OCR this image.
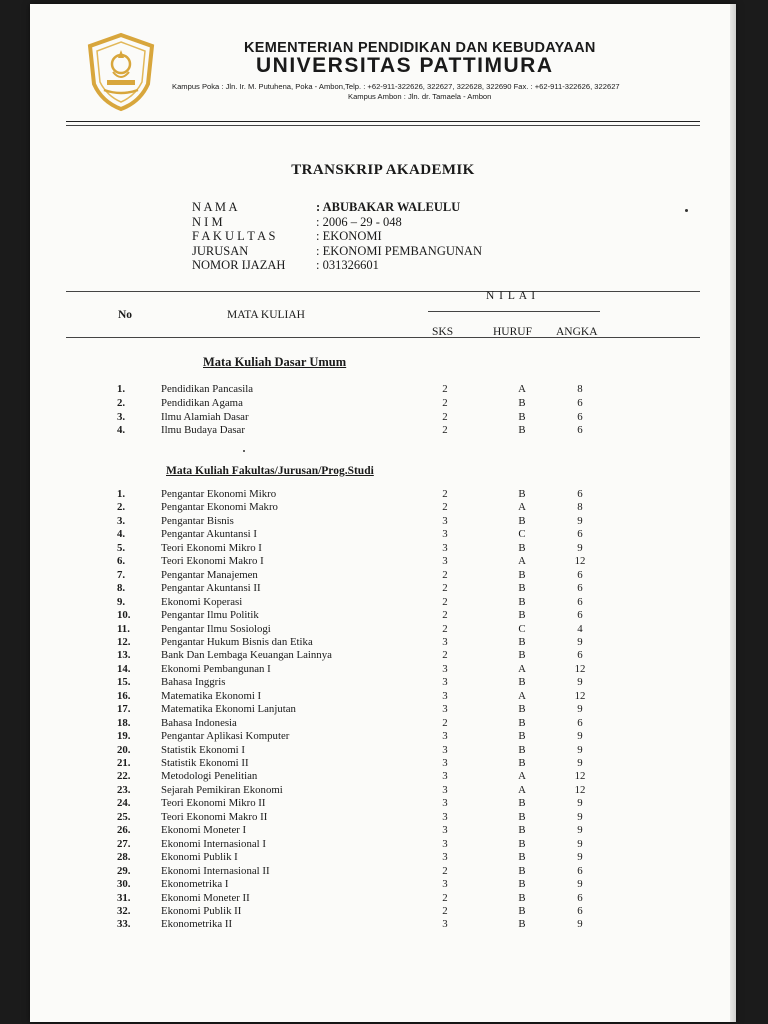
KEMENTERIAN PENDIDIKAN DAN KEBUDAYAAN
UNIVERSITAS PATTIMURA
Kampus Poka : Jln. Ir. M. Putuhena, Poka - Ambon,Telp. : +62-911-322626, 322627, 322628, 322690 Fax. : +62-911-322626, 322627
Kampus Ambon : Jln. dr. Tamaela - Ambon
TRANSKRIP AKADEMIK
N A M A	: ABUBAKAR WALEULU
N I M	: 2006 – 29 - 048
F A K U L T A S	: EKONOMI
JURUSAN	: EKONOMI PEMBANGUNAN
NOMOR IJAZAH	: 031326601
N I L A I
No	MATA KULIAH
SKS	HURUF ANGKA
Mata Kuliah Dasar Umum
1.	Pendidikan Pancasila	2	A	8
2.	Pendidikan Agama	2	B	6
3.	Ilmu Alamiah Dasar	2	B	6
4.	Ilmu Budaya Dasar	2	B	6
Mata Kuliah Fakultas/Jurusan/Prog.Studi
1.	Pengantar Ekonomi Mikro	2	B	6
2.	Pengantar Ekonomi Makro	2	A	8
3.	Pengantar Bisnis	3	B	9
4.	Pengantar Akuntansi I	3	C	6
5.	Teori Ekonomi Mikro I	3	B	9
6.	Teori Ekonomi Makro I	3	A	12
7.	Pengantar Manajemen	2	B	6
8.	Pengantar Akuntansi II	2	B	6
9.	Ekonomi Koperasi	2	B	6
10.	Pengantar Ilmu Politik	2	B	6
11.	Pengantar Ilmu Sosiologi	2	C	4
12.	Pengantar Hukum Bisnis dan Etika	3	B	9
13.	Bank Dan Lembaga Keuangan Lainnya	2	B	6
14.	Ekonomi Pembangunan I	3	A	12
15.	Bahasa Inggris	3	B	9
16.	Matematika Ekonomi I	3	A	12
17.	Matematika Ekonomi Lanjutan	3	B	9
18.	Bahasa Indonesia	2	B	6
19.	Pengantar Aplikasi Komputer	3	B	9
20.	Statistik Ekonomi I	3	B	9
21.	Statistik Ekonomi II	3	B	9
22.	Metodologi Penelitian	3	A	12
23.	Sejarah Pemikiran Ekonomi	3	A	12
24.	Teori Ekonomi Mikro II	3	B	9
25.	Teori Ekonomi Makro II	3	B	9
26.	Ekonomi Moneter I	3	B	9
27.	Ekonomi Internasional I	3	B	9
28.	Ekonomi Publik I	3	B	9
29.	Ekonomi Internasional II	2	B	6
30.	Ekonometrika I	3	B	9
31.	Ekonomi Moneter II	2	B	6
32.	Ekonomi Publik II	2	B	6
33.	Ekonometrika II	3	B	9
